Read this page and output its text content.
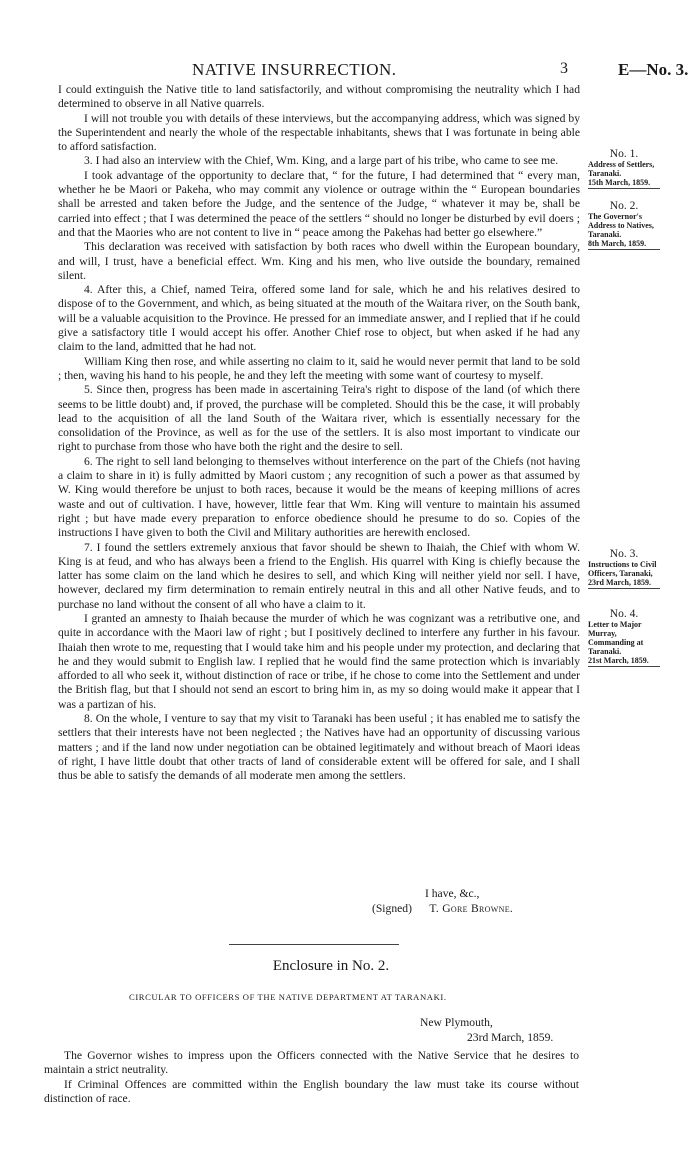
NATIVE INSURRECTION.	3	E—No. 3.

I could extinguish the Native title to land satisfactorily, and without compromising the neutrality which I had determined to observe in all Native quarrels.

I will not trouble you with details of these interviews, but the accompanying address, which was signed by the Superintendent and nearly the whole of the respectable inhabitants, shews that I was fortunate in being able to afford satisfaction.

3. I had also an interview with the Chief, Wm. King, and a large part of his tribe, who came to see me.

I took advantage of the opportunity to declare that, “ for the future, I had determined that “ every man, whether he be Maori or Pakeha, who may commit any violence or outrage within the “ European boundaries shall be arrested and taken before the Judge, and the sentence of the Judge, “ whatever it may be, shall be carried into effect ; that I was determined the peace of the settlers “ should no longer be disturbed by evil doers ; and that the Maories who are not content to live in “ peace among the Pakehas had better go elsewhere.”

This declaration was received with satisfaction by both races who dwell within the European boundary, and will, I trust, have a beneficial effect. Wm. King and his men, who live outside the boundary, remained silent.

4. After this, a Chief, named Teira, offered some land for sale, which he and his relatives desired to dispose of to the Government, and which, as being situated at the mouth of the Waitara river, on the South bank, will be a valuable acquisition to the Province. He pressed for an immediate answer, and I replied that if he could give a satisfactory title I would accept his offer. Another Chief rose to object, but when asked if he had any claim to the land, admitted that he had not.

William King then rose, and while asserting no claim to it, said he would never permit that land to be sold ; then, waving his hand to his people, he and they left the meeting with some want of courtesy to myself.

5. Since then, progress has been made in ascertaining Teira's right to dispose of the land (of which there seems to be little doubt) and, if proved, the purchase will be completed. Should this be the case, it will probably lead to the acquisition of all the land South of the Waitara river, which is essentially necessary for the consolidation of the Province, as well as for the use of the settlers. It is also most important to vindicate our right to purchase from those who have both the right and the desire to sell.

6. The right to sell land belonging to themselves without interference on the part of the Chiefs (not having a claim to share in it) is fully admitted by Maori custom ; any recognition of such a power as that assumed by W. King would therefore be unjust to both races, because it would be the means of keeping millions of acres waste and out of cultivation. I have, however, little fear that Wm. King will venture to maintain his assumed right ; but have made every preparation to enforce obedience should he presume to do so. Copies of the instructions I have given to both the Civil and Military authorities are herewith enclosed.

7. I found the settlers extremely anxious that favor should be shewn to Ihaiah, the Chief with whom W. King is at feud, and who has always been a friend to the English. His quarrel with King is chiefly because the latter has some claim on the land which he desires to sell, and which King will neither yield nor sell. I have, however, declared my firm determination to remain entirely neutral in this and all other Native feuds, and to purchase no land without the consent of all who have a claim to it.

I granted an amnesty to Ihaiah because the murder of which he was cognizant was a retributive one, and quite in accordance with the Maori law of right ; but I positively declined to interfere any further in his favour. Ihaiah then wrote to me, requesting that I would take him and his people under my protection, and declaring that he and they would submit to English law. I replied that he would find the same protection which is invariably afforded to all who seek it, without distinction of race or tribe, if he chose to come into the Settlement and under the British flag, but that I should not send an escort to bring him in, as my so doing would make it appear that I was a partizan of his.

8. On the whole, I venture to say that my visit to Taranaki has been useful ; it has enabled me to satisfy the settlers that their interests have not been neglected ; the Natives have had an opportunity of discussing various matters ; and if the land now under negotiation can be obtained legitimately and without breach of Maori ideas of right, I have little doubt that other tracts of land of considerable extent will be offered for sale, and I shall thus be able to satisfy the demands of all moderate men among the settlers.

No. 1.
Address of Settlers, Taranaki.
15th March, 1859.
No. 2.
The Governor's Address to Natives, Taranaki.
8th March, 1859.
No. 3.
Instructions to Civil Officers, Taranaki,
23rd March, 1859.
No. 4.
Letter to Major Murray, Commanding at Taranaki.
21st March, 1859.
I have, &c.,
(Signed) T. Gore Browne.
Enclosure in No. 2.
CIRCULAR TO OFFICERS OF THE NATIVE DEPARTMENT AT TARANAKI.
New Plymouth,
23rd March, 1859.

The Governor wishes to impress upon the Officers connected with the Native Service that he desires to maintain a strict neutrality.

If Criminal Offences are committed within the English boundary the law must take its course without distinction of race.
